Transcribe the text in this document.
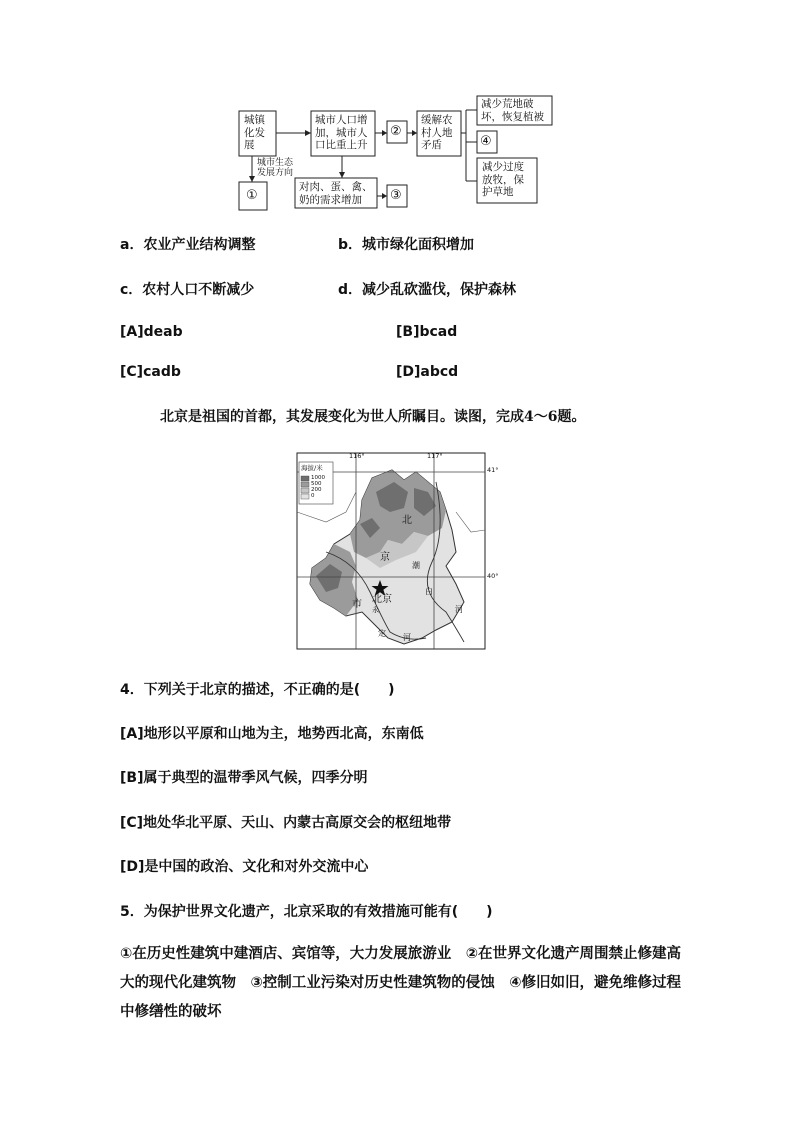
城镇
化发
展
城市人口增
加，城市人
口比重上升
②
缓解农
村人地
矛盾
减少荒地破
坏，恢复植被
④
减少过度
放牧，保
护草地
城市生态
发展方向
①
对肉、蛋、禽、
奶的需求增加	③
a．农业产业结构调整	b．城市绿化面积增加
c．农村人口不断减少	d．减少乱砍滥伐，保护森林
[A]deab	[B]bcad
[C]cadb	[D]abcd
北京是祖国的首都，其发展变化为世人所瞩目。读图，完成4～6题。
116°	117°
41°
40°
海拔/米
1000
500
200
0
北
京
市 北京
潮
白
河
永
定 河
4．下列关于北京的描述，不正确的是(　　)
[A]地形以平原和山地为主，地势西北高，东南低
[B]属于典型的温带季风气候，四季分明
[C]地处华北平原、天山、内蒙古高原交会的枢纽地带
[D]是中国的政治、文化和对外交流中心
5．为保护世界文化遗产，北京采取的有效措施可能有(　　)
①在历史性建筑中建酒店、宾馆等，大力发展旅游业　②在世界文化遗产周围禁止修建高大的现代化建筑物　③控制工业污染对历史性建筑物的侵蚀　④修旧如旧，避免维修过程中修缮性的破坏
